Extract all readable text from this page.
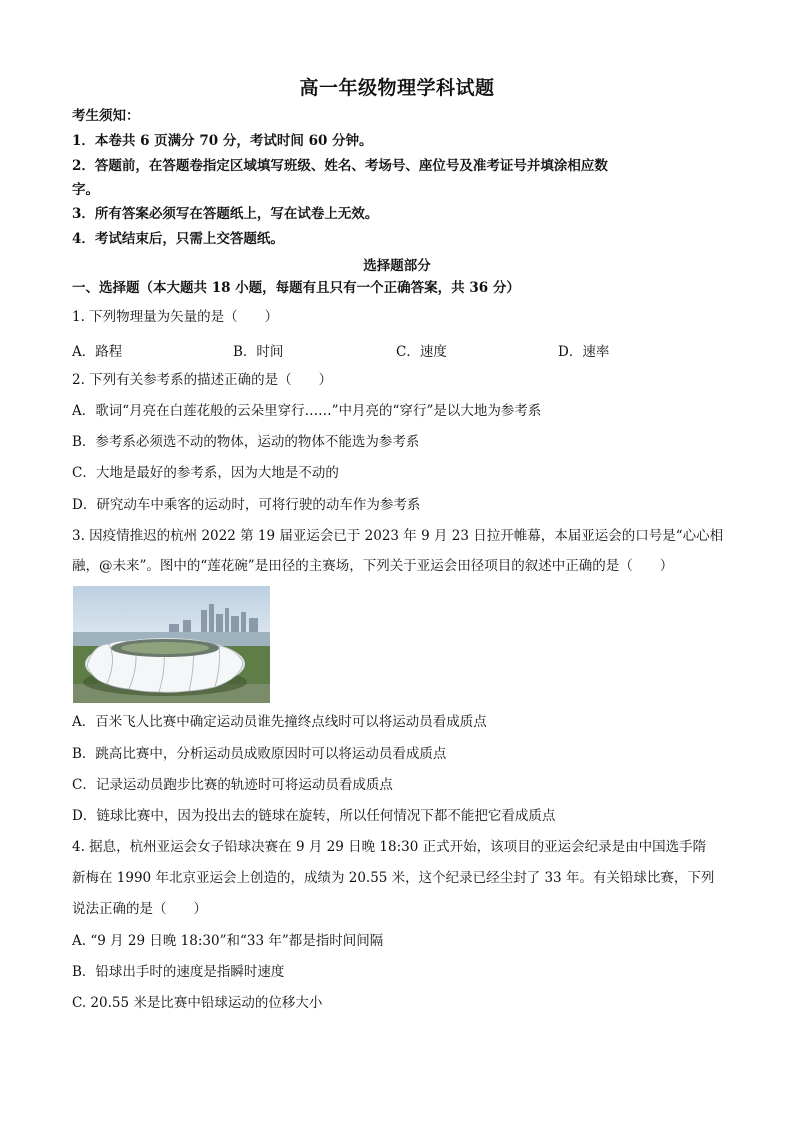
高一年级物理学科试题
考生须知：
1．本卷共 6 页满分 70 分，考试时间 60 分钟。
2．答题前，在答题卷指定区域填写班级、姓名、考场号、座位号及准考证号并填涂相应数
字。
3．所有答案必须写在答题纸上，写在试卷上无效。
4．考试结束后，只需上交答题纸。
选择题部分
一、选择题（本大题共 18 小题，每题有且只有一个正确答案，共 36 分）
1. 下列物理量为矢量的是（　　）
A．路程	B．时间	C．速度	D．速率
2. 下列有关参考系的描述正确的是（　　）
A．歌词“月亮在白莲花般的云朵里穿行……”中月亮的“穿行”是以大地为参考系
B．参考系必须选不动的物体，运动的物体不能选为参考系
C．大地是最好的参考系，因为大地是不动的
D．研究动车中乘客的运动时，可将行驶的动车作为参考系
3. 因疫情推迟的杭州 2022 第 19 届亚运会已于 2023 年 9 月 23 日拉开帷幕，本届亚运会的口号是“心心相
融，@未来”。图中的“莲花碗”是田径的主赛场，下列关于亚运会田径项目的叙述中正确的是（　　）
A．百米飞人比赛中确定运动员谁先撞终点线时可以将运动员看成质点
B．跳高比赛中，分析运动员成败原因时可以将运动员看成质点
C．记录运动员跑步比赛的轨迹时可将运动员看成质点
D．链球比赛中，因为投出去的链球在旋转，所以任何情况下都不能把它看成质点
4. 据息，杭州亚运会女子铅球决赛在 9 月 29 日晚 18:30 正式开始，该项目的亚运会纪录是由中国选手隋
新梅在 1990 年北京亚运会上创造的，成绩为 20.55 米，这个纪录已经尘封了 33 年。有关铅球比赛，下列
说法正确的是（　　）
A. “9 月 29 日晚 18:30”和“33 年”都是指时间间隔
B．铅球出手时的速度是指瞬时速度
C. 20.55 米是比赛中铅球运动的位移大小
